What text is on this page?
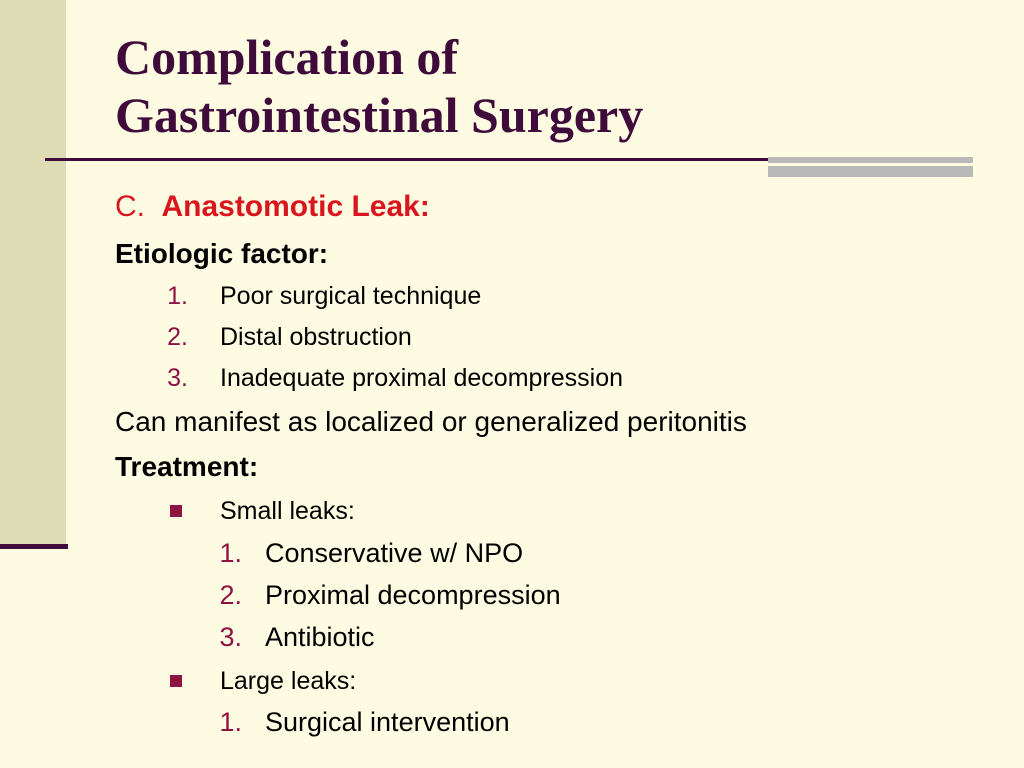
Complication of
Gastrointestinal Surgery
C. Anastomotic Leak:
Etiologic factor:
1. Poor surgical technique
2. Distal obstruction
3. Inadequate proximal decompression
Can manifest as localized or generalized peritonitis
Treatment:
Small leaks:
1. Conservative w/ NPO
2. Proximal decompression
3. Antibiotic
Large leaks:
1. Surgical intervention
